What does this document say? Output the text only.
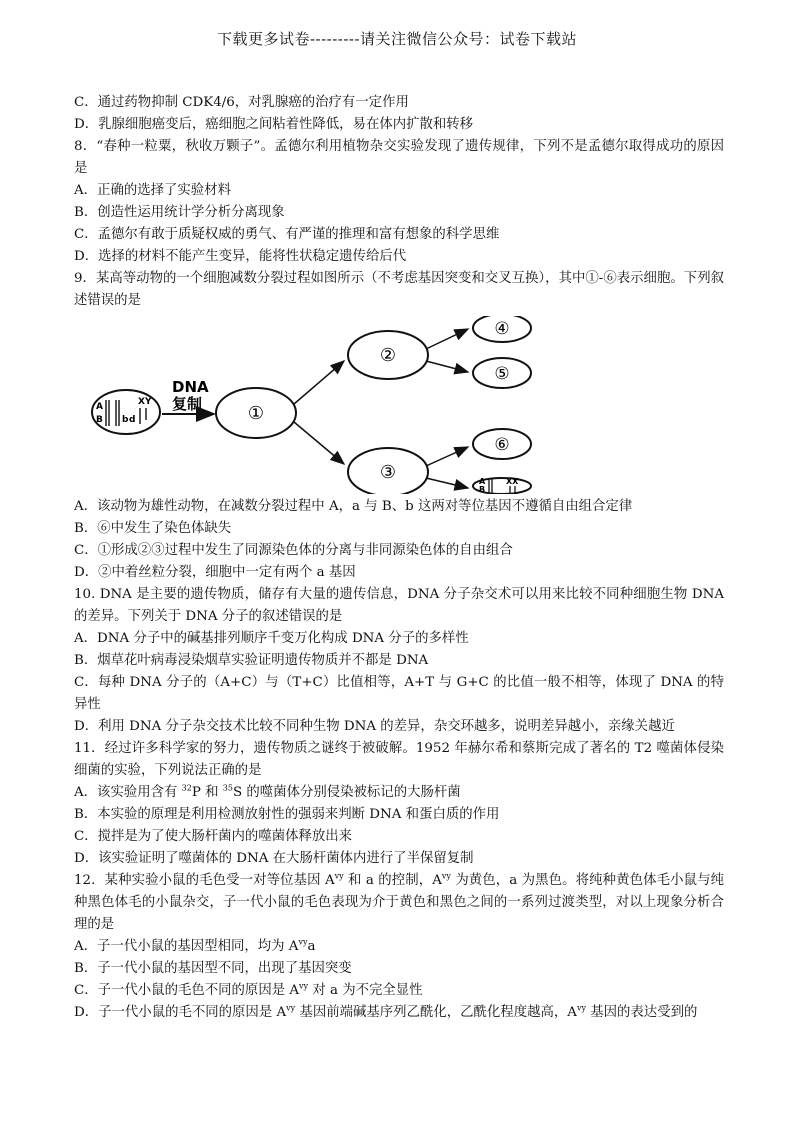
下载更多试卷---------请关注微信公众号：试卷下载站
C．通过药物抑制 CDK4/6，对乳腺癌的治疗有一定作用
D．乳腺细胞癌变后，癌细胞之间粘着性降低，易在体内扩散和转移
8．“春种一粒粟，秋收万颗子”。孟德尔利用植物杂交实验发现了遗传规律，下列不是孟德尔取得成功的原因是
A．正确的选择了实验材料
B．创造性运用统计学分析分离现象
C．孟德尔有敢于质疑权威的勇气、有严谨的推理和富有想象的科学思维
D．选择的材料不能产生变异，能将性状稳定遗传给后代
9．某高等动物的一个细胞减数分裂过程如图所示（不考虑基因突变和交叉互换），其中①-⑥表示细胞。下列叙述错误的是
A
B b d
XY
DNA
复制	①
②
③
④
⑤
⑥
A
B
XX
A．该动物为雄性动物，在减数分裂过程中 A，a 与 B、b 这两对等位基因不遵循自由组合定律
B．⑥中发生了染色体缺失
C．①形成②③过程中发生了同源染色体的分离与非同源染色体的自由组合
D．②中着丝粒分裂，细胞中一定有两个 a 基因
10. DNA 是主要的遗传物质，储存有大量的遗传信息，DNA 分子杂交术可以用来比较不同种细胞生物 DNA 的差异。下列关于 DNA 分子的叙述错误的是
A．DNA 分子中的碱基排列顺序千变万化构成 DNA 分子的多样性
B．烟草花叶病毒浸染烟草实验证明遗传物质并不都是 DNA
C．每种 DNA 分子的（A+C）与（T+C）比值相等，A+T 与 G+C 的比值一般不相等，体现了 DNA 的特异性
D．利用 DNA 分子杂交技术比较不同种生物 DNA 的差异，杂交环越多，说明差异越小，亲缘关越近
11．经过许多科学家的努力，遗传物质之谜终于被破解。1952 年赫尔希和蔡斯完成了著名的 T2 噬菌体侵染细菌的实验，下列说法正确的是
A．该实验用含有 $^{32}$P 和 $^{35}$S 的噬菌体分别侵染被标记的大肠杆菌
B．本实验的原理是利用检测放射性的强弱来判断 DNA 和蛋白质的作用
C．搅拌是为了使大肠杆菌内的噬菌体释放出来
D．该实验证明了噬菌体的 DNA 在大肠杆菌体内进行了半保留复制
12．某种实验小鼠的毛色受一对等位基因 $A^{vy}$ 和 a 的控制，$A^{vy}$ 为黄色，a 为黑色。将纯种黄色体毛小鼠与纯种黑色体毛的小鼠杂交，子一代小鼠的毛色表现为介于黄色和黑色之间的一系列过渡类型，对以上现象分析合理的是
A．子一代小鼠的基因型相同，均为 $A^{vy}a$
B．子一代小鼠的基因型不同，出现了基因突变
C．子一代小鼠的毛色不同的原因是 $A^{vy}$ 对 a 为不完全显性
D．子一代小鼠的毛不同的原因是 $A^{vy}$ 基因前端碱基序列乙酰化，乙酰化程度越高，$A^{vy}$ 基因的表达受到的
